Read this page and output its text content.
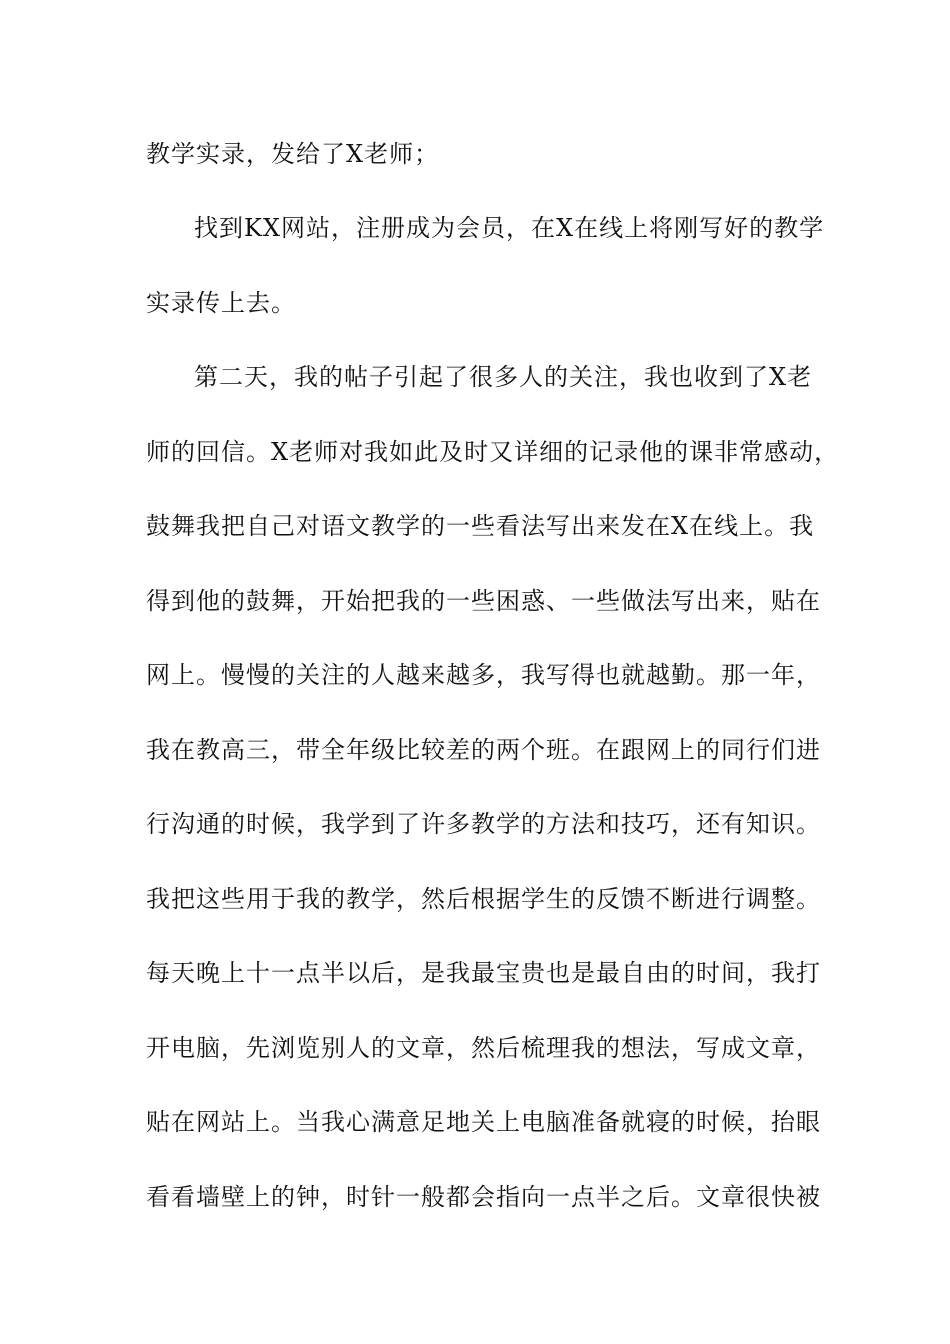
教学实录，发给了X老师；
找到KX网站，注册成为会员，在X在线上将刚写好的教学
实录传上去。
第二天，我的帖子引起了很多人的关注，我也收到了X老
师的回信。X老师对我如此及时又详细的记录他的课非常感动，
鼓舞我把自己对语文教学的一些看法写出来发在X在线上。我
得到他的鼓舞，开始把我的一些困惑、一些做法写出来，贴在
网上。慢慢的关注的人越来越多，我写得也就越勤。那一年，
我在教高三，带全年级比较差的两个班。在跟网上的同行们进
行沟通的时候，我学到了许多教学的方法和技巧，还有知识。
我把这些用于我的教学，然后根据学生的反馈不断进行调整。
每天晚上十一点半以后，是我最宝贵也是最自由的时间，我打
开电脑，先浏览别人的文章，然后梳理我的想法，写成文章，
贴在网站上。当我心满意足地关上电脑准备就寝的时候，抬眼
看看墙壁上的钟，时针一般都会指向一点半之后。文章很快被
